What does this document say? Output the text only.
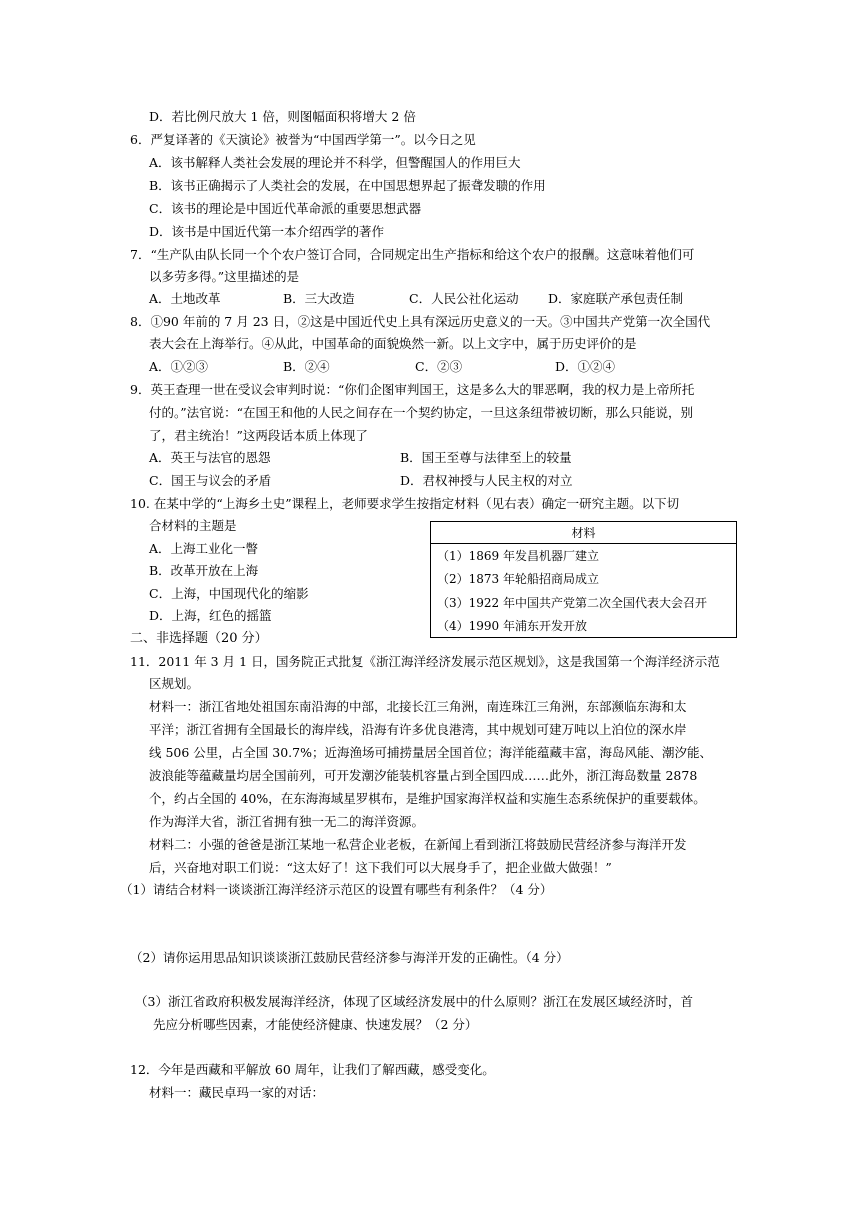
D．若比例尺放大 1 倍，则图幅面积将增大 2 倍
6．严复译著的《天演论》被誉为“中国西学第一”。以今日之见
A．该书解释人类社会发展的理论并不科学，但警醒国人的作用巨大
B．该书正确揭示了人类社会的发展，在中国思想界起了振聋发聩的作用
C．该书的理论是中国近代革命派的重要思想武器
D．该书是中国近代第一本介绍西学的著作
7．“生产队由队长同一个个农户签订合同，合同规定出生产指标和给这个农户的报酬。这意味着他们可
以多劳多得。”这里描述的是
A．土地改革	B．三大改造	C．人民公社化运动 D．家庭联产承包责任制
8．①90 年前的 7 月 23 日，②这是中国近代史上具有深远历史意义的一天。③中国共产党第一次全国代
表大会在上海举行。④从此，中国革命的面貌焕然一新。以上文字中，属于历史评价的是
A．①②③	B．②④	C．②③	D．①②④
9．英王查理一世在受议会审判时说：“你们企图审判国王，这是多么大的罪恶啊，我的权力是上帝所托
付的。”法官说：“在国王和他的人民之间存在一个契约协定，一旦这条纽带被切断，那么只能说，别
了，君主统治！”这两段话本质上体现了
A．英王与法官的恩怨	B．国王至尊与法律至上的较量
C．国王与议会的矛盾	D．君权神授与人民主权的对立
10. 在某中学的“上海乡土史”课程上，老师要求学生按指定材料（见右表）确定一研究主题。以下切
合材料的主题是
A．上海工业化一瞥
B．改革开放在上海
C．上海，中国现代化的缩影
D．上海，红色的摇篮
材料
（1）1869 年发昌机器厂建立
（2）1873 年轮船招商局成立
（3）1922 年中国共产党第二次全国代表大会召开
（4）1990 年浦东开发开放
二、非选择题（20 分）
11．2011 年 3 月 1 日，国务院正式批复《浙江海洋经济发展示范区规划》，这是我国第一个海洋经济示范
区规划。
材料一：浙江省地处祖国东南沿海的中部，北接长江三角洲，南连珠江三角洲，东部濒临东海和太
平洋；浙江省拥有全国最长的海岸线，沿海有许多优良港湾，其中规划可建万吨以上泊位的深水岸
线 506 公里，占全国 30.7%；近海渔场可捕捞量居全国首位；海洋能蕴藏丰富，海岛风能、潮汐能、
波浪能等蕴藏量均居全国前列，可开发潮汐能装机容量占到全国四成……此外，浙江海岛数量 2878
个，约占全国的 40%，在东海海域星罗棋布，是维护国家海洋权益和实施生态系统保护的重要载体。
作为海洋大省，浙江省拥有独一无二的海洋资源。
材料二：小强的爸爸是浙江某地一私营企业老板，在新闻上看到浙江将鼓励民营经济参与海洋开发
后，兴奋地对职工们说：“这太好了！这下我们可以大展身手了，把企业做大做强！”
（1）请结合材料一谈谈浙江海洋经济示范区的设置有哪些有利条件？（4 分）
（2）请你运用思品知识谈谈浙江鼓励民营经济参与海洋开发的正确性。（4 分）
（3）浙江省政府积极发展海洋经济，体现了区域经济发展中的什么原则？浙江在发展区域经济时，首
先应分析哪些因素，才能使经济健康、快速发展？（2 分）
12．今年是西藏和平解放 60 周年，让我们了解西藏，感受变化。
材料一：藏民卓玛一家的对话：
